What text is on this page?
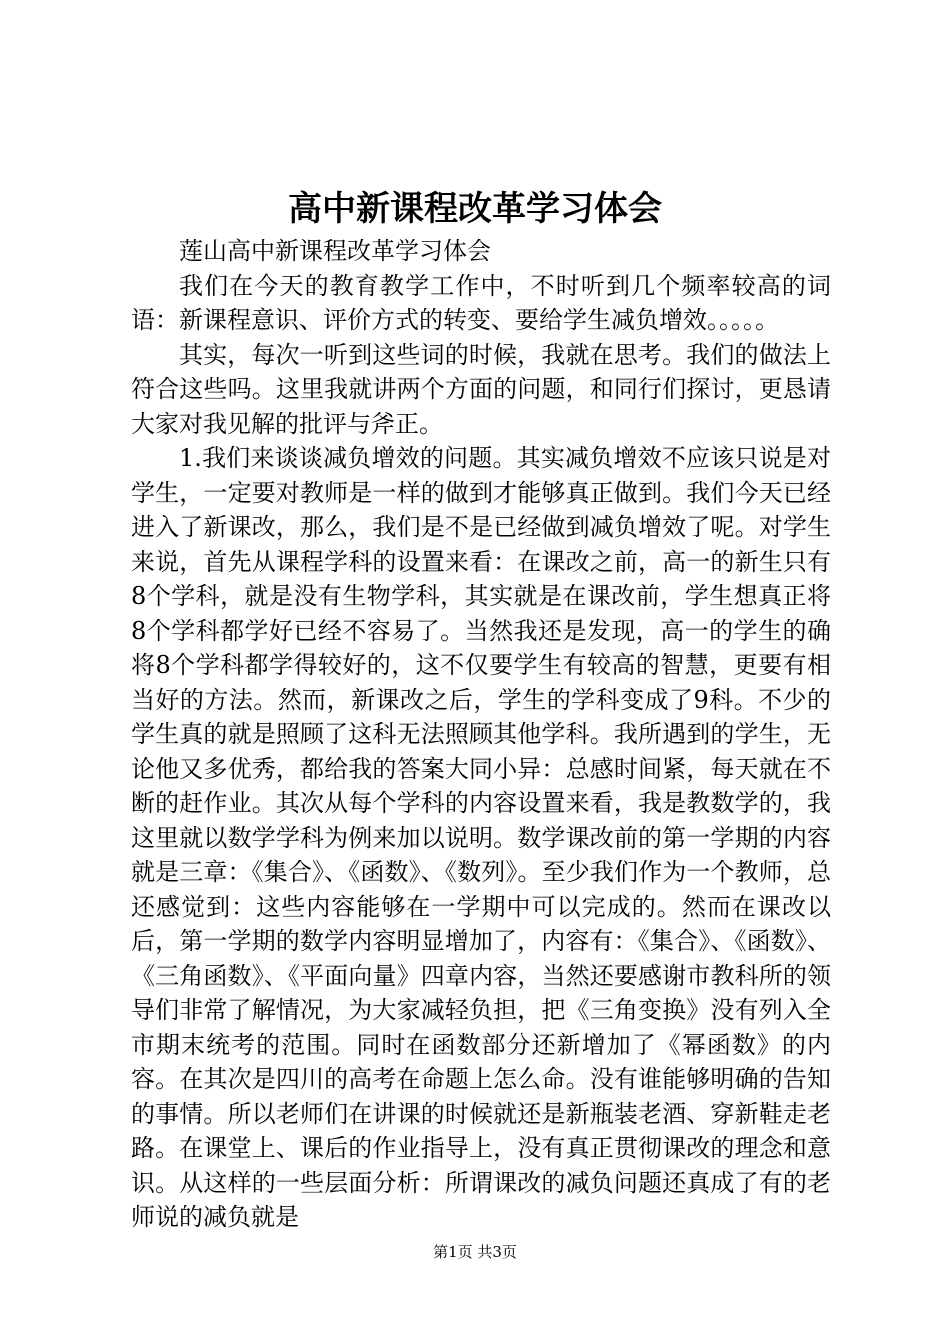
高中新课程改革学习体会

莲山高中新课程改革学习体会

我们在今天的教育教学工作中，不时听到几个频率较高的词语：新课程意识、评价方式的转变、要给学生减负增效。。。。。

其实，每次一听到这些词的时候，我就在思考。我们的做法上符合这些吗。这里我就讲两个方面的问题，和同行们探讨，更恳请大家对我见解的批评与斧正。

1.我们来谈谈减负增效的问题。其实减负增效不应该只说是对学生，一定要对教师是一样的做到才能够真正做到。我们今天已经进入了新课改，那么，我们是不是已经做到减负增效了呢。对学生来说，首先从课程学科的设置来看：在课改之前，高一的新生只有8个学科，就是没有生物学科，其实就是在课改前，学生想真正将8个学科都学好已经不容易了。当然我还是发现，高一的学生的确将8个学科都学得较好的，这不仅要学生有较高的智慧，更要有相当好的方法。然而，新课改之后，学生的学科变成了9科。不少的学生真的就是照顾了这科无法照顾其他学科。我所遇到的学生，无论他又多优秀，都给我的答案大同小异：总感时间紧，每天就在不断的赶作业。其次从每个学科的内容设置来看，我是教数学的，我这里就以数学学科为例来加以说明。数学课改前的第一学期的内容就是三章：《集合》、《函数》、《数列》。至少我们作为一个教师，总还感觉到：这些内容能够在一学期中可以完成的。然而在课改以后，第一学期的数学内容明显增加了，内容有：《集合》、《函数》、《三角函数》、《平面向量》四章内容，当然还要感谢市教科所的领导们非常了解情况，为大家减轻负担，把《三角变换》没有列入全市期末统考的范围。同时在函数部分还新增加了《幂函数》的内容。在其次是四川的高考在命题上怎么命。没有谁能够明确的告知的事情。所以老师们在讲课的时候就还是新瓶装老酒、穿新鞋走老路。在课堂上、课后的作业指导上，没有真正贯彻课改的理念和意识。从这样的一些层面分析：所谓课改的减负问题还真成了有的老师说的减负就是

第1页 共3页
